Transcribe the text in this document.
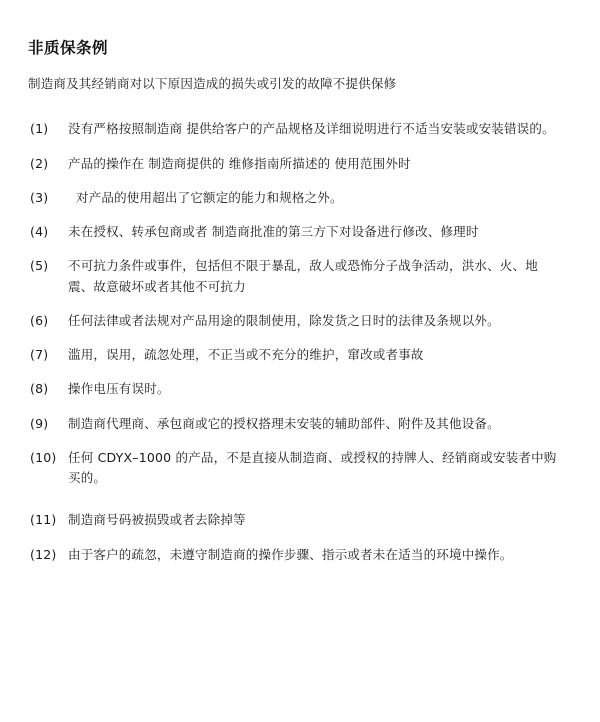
非质保条例

制造商及其经销商对以下原因造成的损失或引发的故障不提供保修

(1)	没有严格按照制造商 提供给客户的产品规格及详细说明进行不适当安装或安装错误的。
(2)	产品的操作在 制造商提供的 维修指南所描述的 使用范围外时
(3)	对产品的使用超出了它额定的能力和规格之外。
(4)	未在授权、转承包商或者 制造商批准的第三方下对设备进行修改、修理时
(5)	不可抗力条件或事件，包括但不限于暴乱，敌人或恐怖分子战争活动，洪水、火、地震、故意破坏或者其他不可抗力
(6)	任何法律或者法规对产品用途的限制使用，除发货之日时的法律及条规以外。
(7)	滥用，误用，疏忽处理，不正当或不充分的维护，窜改或者事故
(8)	操作电压有误时。
(9)	制造商代理商、承包商或它的授权搭理未安装的辅助部件、附件及其他设备。
(10) 任何 CDYX–1000 的产品，不是直接从制造商、或授权的持牌人、经销商或安装者中购买的。
(11) 制造商号码被损毁或者去除掉等
(12) 由于客户的疏忽，未遵守制造商的操作步骤、指示或者未在适当的环境中操作。
